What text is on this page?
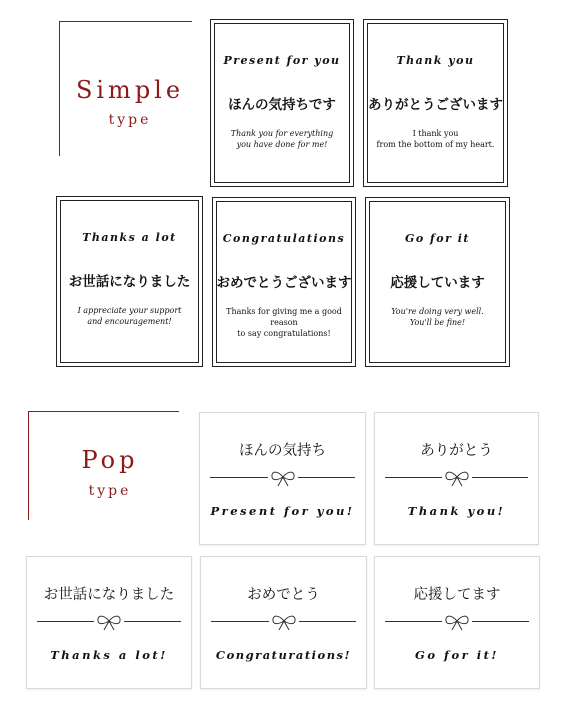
Simple
type
Present for you
ほんの気持ちです
Thank you for everything
you have done for me!
Thank you
ありがとうございます
I thank you
from the bottom of my heart.
Thanks a lot
お世話になりました
I appreciate your support
and encouragement!
Congratulations
おめでとうございます
Thanks for giving me a good reason
to say congratulations!
Go for it
応援しています
You're doing very well.
You'll be fine!
Pop
type
ほんの気持ち
Present for you!
ありがとう
Thank you!
お世話になりました
Thanks a lot!
おめでとう
Congraturations!
応援してます
Go for it!
